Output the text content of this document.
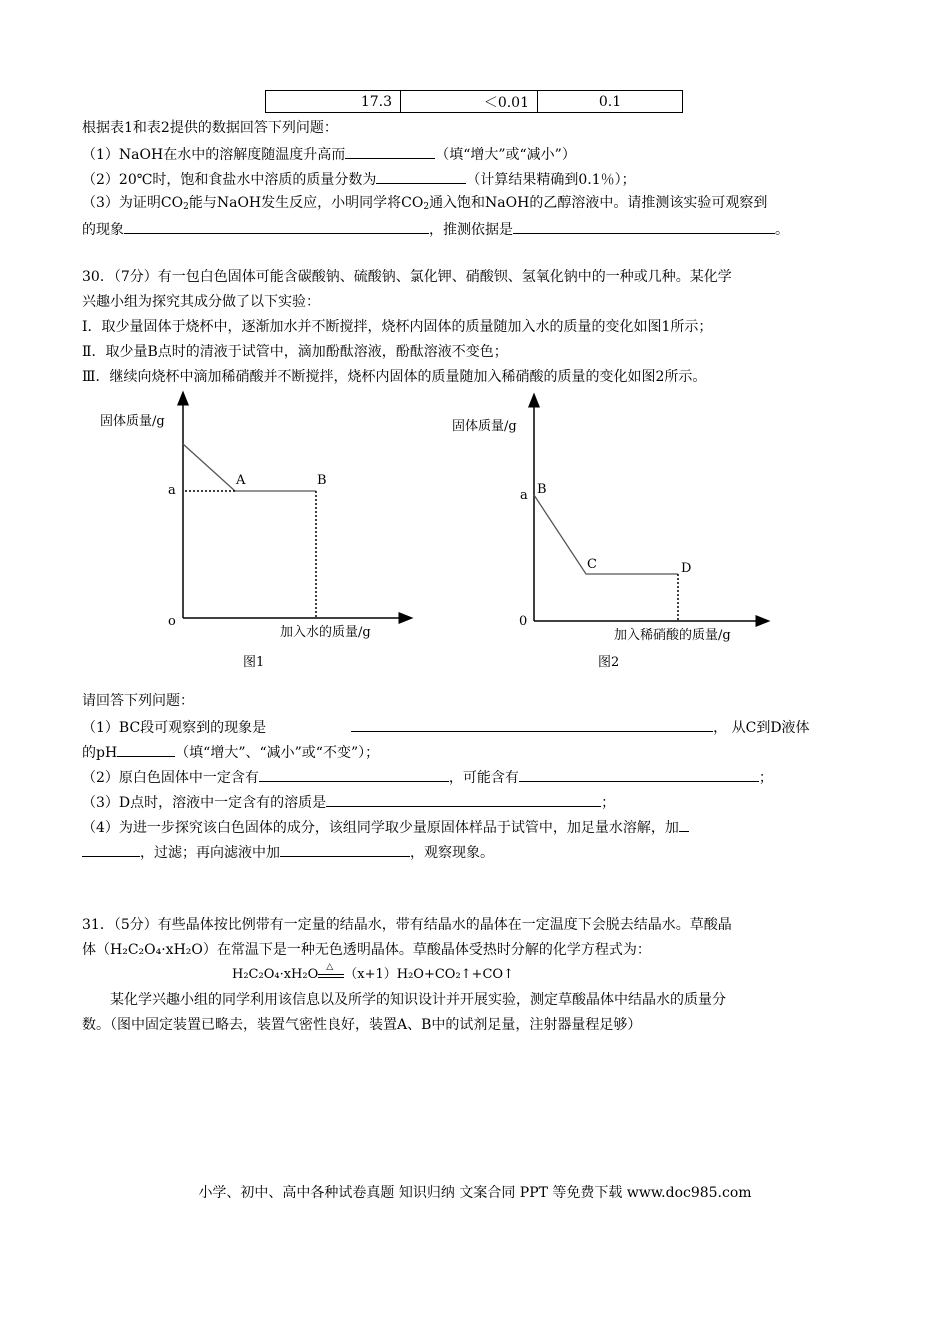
17.3	＜0.01	0.1
根据表1和表2提供的数据回答下列问题：
（1）NaOH在水中的溶解度随温度升高而	（填“增大”或“减小”）
（2）20℃时，饱和食盐水中溶质的质量分数为	（计算结果精确到0.1％）；
（3）为证明$CO_2$能与NaOH发生反应，小明同学将$CO_2$通入饱和NaOH的乙醇溶液中。请推测该实验可观察到
的现象	，推测依据是	。
30．（7分）有一包白色固体可能含碳酸钠、硫酸钠、氯化钾、硝酸钡、氢氧化钠中的一种或几种。某化学
兴趣小组为探究其成分做了以下实验：
Ⅰ．取少量固体于烧杯中，逐渐加水并不断搅拌，烧杯内固体的质量随加入水的质量的变化如图1所示；
Ⅱ．取少量B点时的清液于试管中，滴加酚酞溶液，酚酞溶液不变色；
Ⅲ．继续向烧杯中滴加稀硝酸并不断搅拌，烧杯内固体的质量随加入稀硝酸的质量的变化如图2所示。
固体质量/g
a
A	B
o
加入水的质量/g
图1
固体质量/g
a B
C	D
0
加入稀硝酸的质量/g
图2
请回答下列问题：
（1）BC段可观察到的现象是	， 从C到D液体
的pH	（填“增大”、“减小”或“不变”）；
（2）原白色固体中一定含有	，可能含有	；
（3）D点时，溶液中一定含有的溶质是	；
（4）为进一步探究该白色固体的成分，该组同学取少量原固体样品于试管中，加足量水溶解，加
，过滤；再向滤液中加	，观察现象。
31．（5分）有些晶体按比例带有一定量的结晶水，带有结晶水的晶体在一定温度下会脱去结晶水。草酸晶
体（H₂C₂O₄·xH₂O）在常温下是一种无色透明晶体。草酸晶体受热时分解的化学方程式为：
H₂C₂O₄·xH₂O △ （x+1）H₂O+CO₂↑+CO↑
某化学兴趣小组的同学利用该信息以及所学的知识设计并开展实验，测定草酸晶体中结晶水的质量分
数。（图中固定装置已略去，装置气密性良好，装置A、B中的试剂足量，注射器量程足够）
小学、初中、高中各种试卷真题 知识归纳 文案合同 PPT 等免费下载 www.doc985.com
